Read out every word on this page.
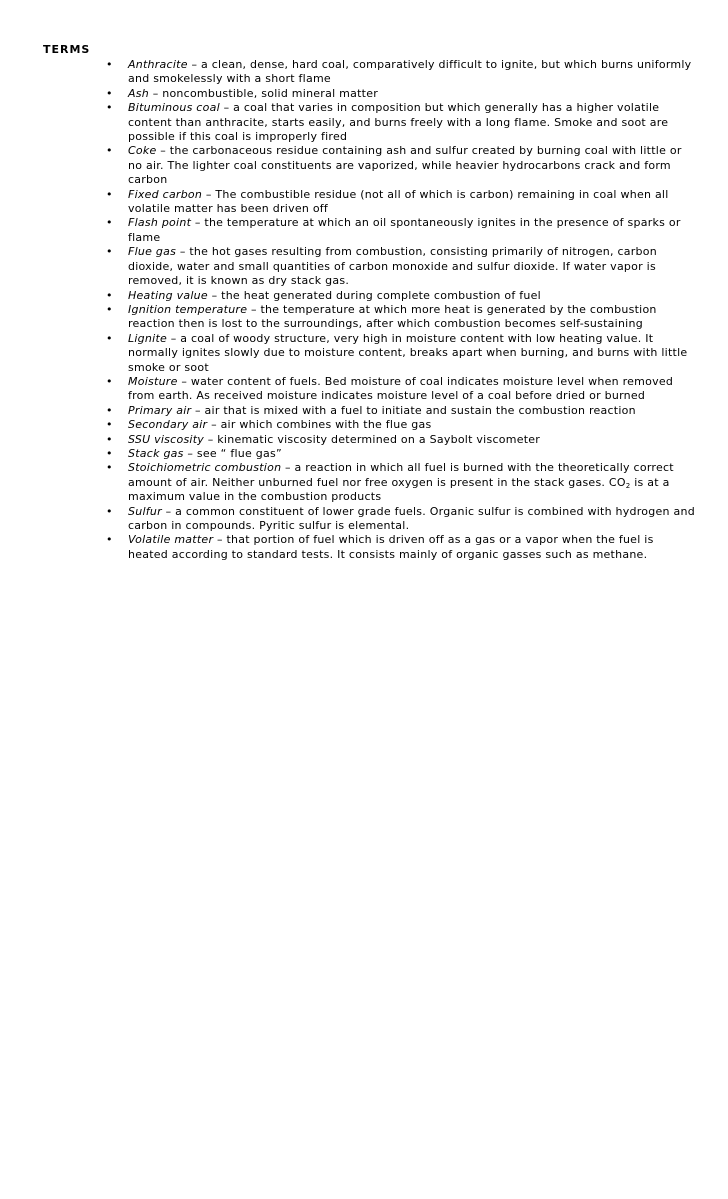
TERMS
• Anthracite – a clean, dense, hard coal, comparatively difficult to ignite, but which burns uniformly and smokelessly with a short flame
• Ash – noncombustible, solid mineral matter
• Bituminous coal – a coal that varies in composition but which generally has a higher volatile content than anthracite, starts easily, and burns freely with a long flame. Smoke and soot are possible if this coal is improperly fired
• Coke – the carbonaceous residue containing ash and sulfur created by burning coal with little or no air. The lighter coal constituents are vaporized, while heavier hydrocarbons crack and form carbon
• Fixed carbon – The combustible residue (not all of which is carbon) remaining in coal when all volatile matter has been driven off
• Flash point – the temperature at which an oil spontaneously ignites in the presence of sparks or flame
• Flue gas – the hot gases resulting from combustion, consisting primarily of nitrogen, carbon dioxide, water and small quantities of carbon monoxide and sulfur dioxide. If water vapor is removed, it is known as dry stack gas.
• Heating value – the heat generated during complete combustion of fuel
• Ignition temperature – the temperature at which more heat is generated by the combustion reaction then is lost to the surroundings, after which combustion becomes self-sustaining
• Lignite – a coal of woody structure, very high in moisture content with low heating value. It normally ignites slowly due to moisture content, breaks apart when burning, and burns with little smoke or soot
• Moisture – water content of fuels. Bed moisture of coal indicates moisture level when removed from earth. As received moisture indicates moisture level of a coal before dried or burned
• Primary air – air that is mixed with a fuel to initiate and sustain the combustion reaction
• Secondary air – air which combines with the flue gas
• SSU viscosity – kinematic viscosity determined on a Saybolt viscometer
• Stack gas – see “ flue gas”
• Stoichiometric combustion – a reaction in which all fuel is burned with the theoretically correct amount of air. Neither unburned fuel nor free oxygen is present in the stack gases. $CO_2$ is at a maximum value in the combustion products
• Sulfur – a common constituent of lower grade fuels. Organic sulfur is combined with hydrogen and carbon in compounds. Pyritic sulfur is elemental.
• Volatile matter – that portion of fuel which is driven off as a gas or a vapor when the fuel is heated according to standard tests. It consists mainly of organic gasses such as methane.
